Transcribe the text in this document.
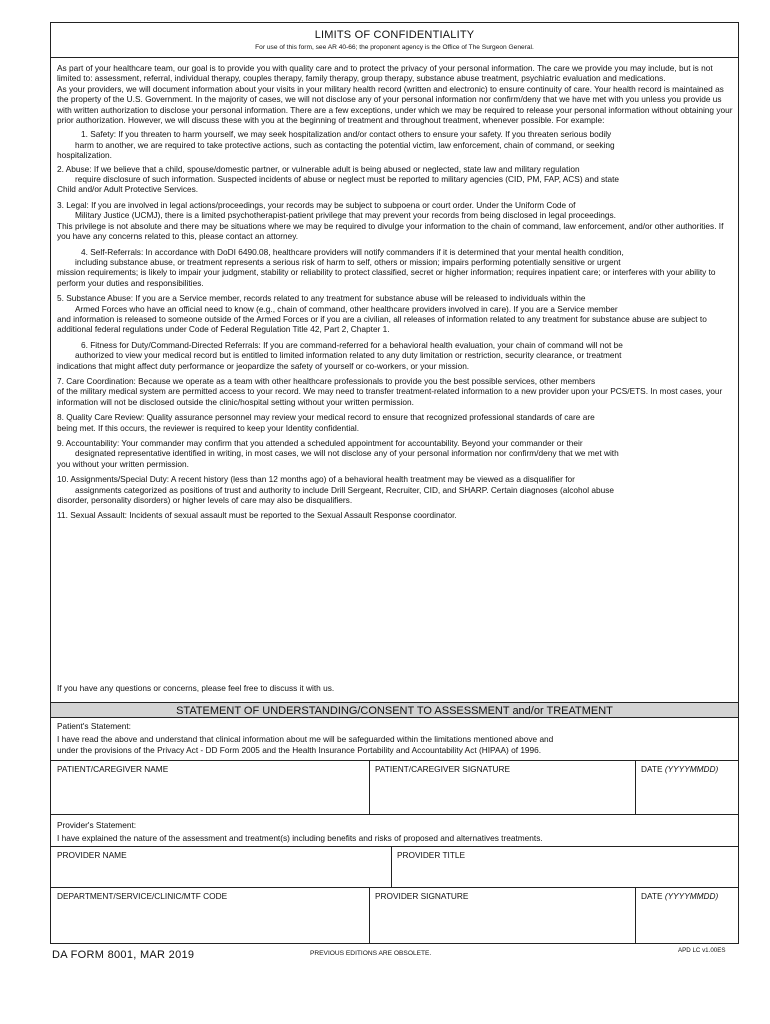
LIMITS OF CONFIDENTIALITY
For use of this form, see AR 40-66; the proponent agency is the Office of The Surgeon General.

As part of your healthcare team, our goal is to provide you with quality care and to protect the privacy of your personal information. The care we provide you may include, but is not limited to: assessment, referral, individual therapy, couples therapy, family therapy, group therapy, substance abuse treatment, psychiatric evaluation and medications.

As your providers, we will document information about your visits in your military health record (written and electronic) to ensure continuity of care. Your health record is maintained as the property of the U.S. Government. In the majority of cases, we will not disclose any of your personal information nor confirm/deny that we have met with you unless you provide us with written authorization to disclose your personal information. There are a few exceptions, under which we may be required to release your personal information without obtaining your prior authorization. However, we will discuss these with you at the beginning of treatment and throughout treatment, whenever possible. For example:

1. Safety: If you threaten to harm yourself, we may seek hospitalization and/or contact others to ensure your safety. If you threaten serious bodily

harm to another, we are required to take protective actions, such as contacting the potential victim, law enforcement, chain of command, or seeking

hospitalization.

2. Abuse: If we believe that a child, spouse/domestic partner, or vulnerable adult is being abused or neglected, state law and military regulation

require disclosure of such information. Suspected incidents of abuse or neglect must be reported to military agencies (CID, PM, FAP, ACS) and state

Child and/or Adult Protective Services.

3. Legal: If you are involved in legal actions/proceedings, your records may be subject to subpoena or court order. Under the Uniform Code of

Military Justice (UCMJ), there is a limited psychotherapist-patient privilege that may prevent your records from being disclosed in legal proceedings.

This privilege is not absolute and there may be situations where we may be required to divulge your information to the chain of command, law enforcement, and/or other authorities. If you have any concerns related to this, please contact an attorney.

4. Self-Referrals: In accordance with DoDI 6490.08, healthcare providers will notify commanders if it is determined that your mental health condition,

including substance abuse, or treatment represents a serious risk of harm to self, others or mission; impairs performing potentially sensitive or urgent

mission requirements; is likely to impair your judgment, stability or reliability to protect classified, secret or higher information; requires inpatient care; or interferes with your ability to perform your duties and responsibilities.

5. Substance Abuse: If you are a Service member, records related to any treatment for substance abuse will be released to individuals within the

Armed Forces who have an official need to know (e.g., chain of command, other healthcare providers involved in care). If you are a Service member

and information is released to someone outside of the Armed Forces or if you are a civilian, all releases of information related to any treatment for substance abuse are subject to additional federal regulations under Code of Federal Regulation Title 42, Part 2, Chapter 1.

6. Fitness for Duty/Command-Directed Referrals: If you are command-referred for a behavioral health evaluation, your chain of command will not be

authorized to view your medical record but is entitled to limited information related to any duty limitation or restriction, security clearance, or treatment

indications that might affect duty performance or jeopardize the safety of yourself or co-workers, or your mission.

7. Care Coordination: Because we operate as a team with other healthcare professionals to provide you the best possible services, other members

of the military medical system are permitted access to your record. We may need to transfer treatment-related information to a new provider upon your PCS/ETS. In most cases, your information will not be disclosed outside the clinic/hospital setting without your written permission.

8. Quality Care Review: Quality assurance personnel may review your medical record to ensure that recognized professional standards of care are

being met. If this occurs, the reviewer is required to keep your Identity confidential.

9. Accountability: Your commander may confirm that you attended a scheduled appointment for accountability. Beyond your commander or their

designated representative identified in writing, in most cases, we will not disclose any of your personal information nor confirm/deny that we met with

you without your written permission.

10. Assignments/Special Duty: A recent history (less than 12 months ago) of a behavioral health treatment may be viewed as a disqualifier for

assignments categorized as positions of trust and authority to include Drill Sergeant, Recruiter, CID, and SHARP. Certain diagnoses (alcohol abuse

disorder, personality disorders) or higher levels of care may also be disqualifiers.

11. Sexual Assault: Incidents of sexual assault must be reported to the Sexual Assault Response coordinator.

If you have any questions or concerns, please feel free to discuss it with us.
STATEMENT OF UNDERSTANDING/CONSENT TO ASSESSMENT and/or TREATMENT
Patient's Statement:
I have read the above and understand that clinical information about me will be safeguarded within the limitations mentioned above and
under the provisions of the Privacy Act - DD Form 2005 and the Health Insurance Portability and Accountability Act (HIPAA) of 1996.
PATIENT/CAREGIVER NAME	PATIENT/CAREGIVER SIGNATURE	DATE (YYYYMMDD)
Provider's Statement:
I have explained the nature of the assessment and treatment(s) including benefits and risks of proposed and alternatives treatments.
PROVIDER NAME	PROVIDER TITLE
DEPARTMENT/SERVICE/CLINIC/MTF CODE	PROVIDER SIGNATURE	DATE (YYYYMMDD)
DA FORM 8001, MAR 2019	PREVIOUS EDITIONS ARE OBSOLETE.	APD LC v1.00ES
